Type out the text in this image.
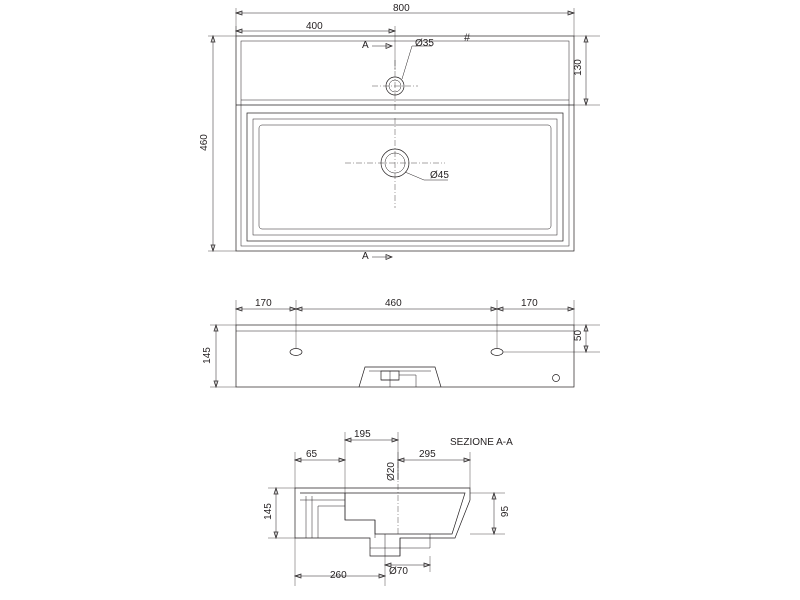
800
400
Ø35
Ø45
460
130
A
A
#
170	460	170
145
50
SEZIONE A-A
195
295
65
Ø20
145	95
260	Ø70
